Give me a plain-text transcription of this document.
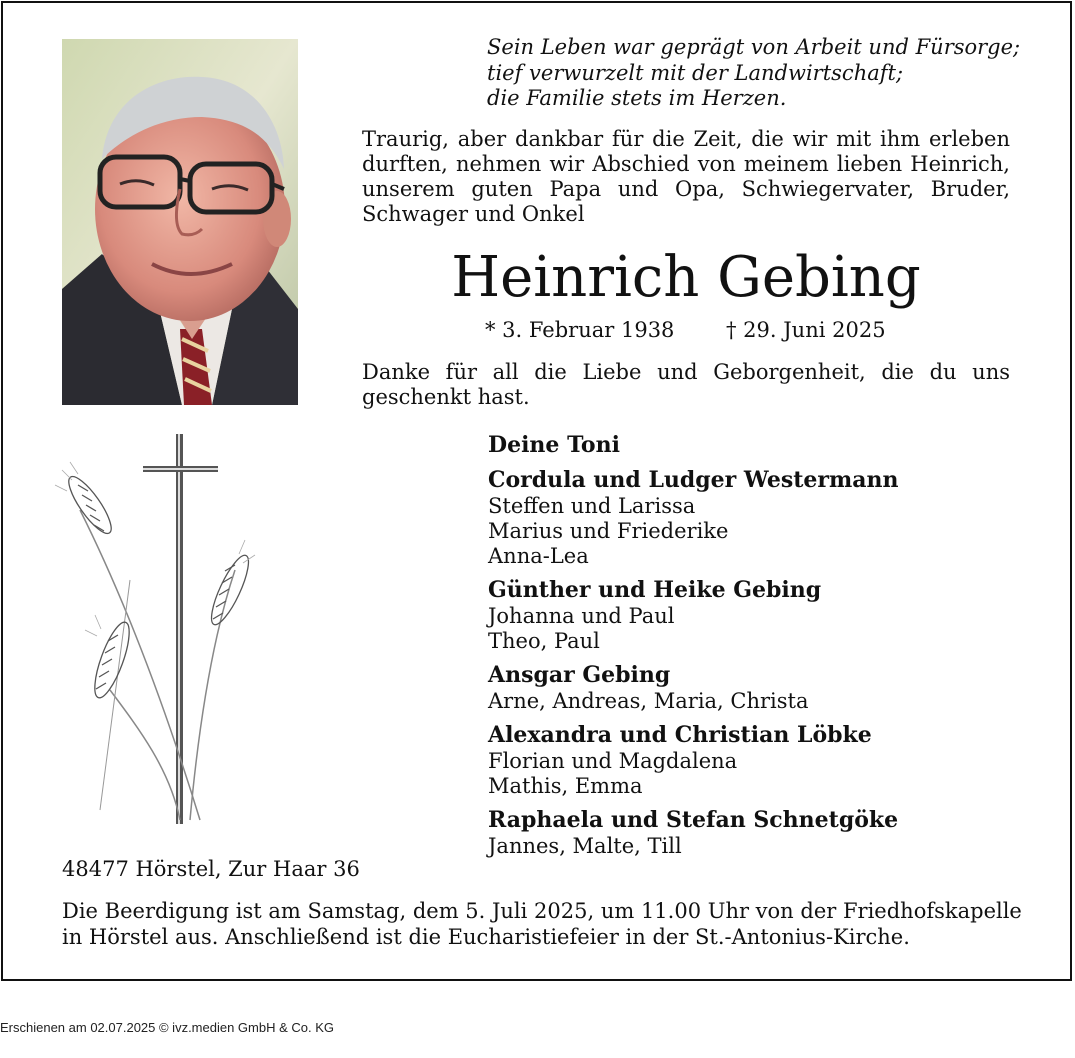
Sein Leben war geprägt von Arbeit und Fürsorge;
tief verwurzelt mit der Landwirtschaft;
die Familie stets im Herzen.
Traurig, aber dankbar für die Zeit, die wir mit ihm erleben durften, nehmen wir Abschied von meinem lieben Heinrich, unserem guten Papa und Opa, Schwiegervater, Bruder, Schwager und Onkel
Heinrich Gebing
* 3. Februar 1938 † 29. Juni 2025
Danke für all die Liebe und Geborgenheit, die du uns geschenkt hast.
Deine Toni
Cordula und Ludger Westermann
Steffen und Larissa
Marius und Friederike
Anna-Lea
Günther und Heike Gebing
Johanna und Paul
Theo, Paul
Ansgar Gebing
Arne, Andreas, Maria, Christa
Alexandra und Christian Löbke
Florian und Magdalena
Mathis, Emma
Raphaela und Stefan Schnetgöke
Jannes, Malte, Till
48477 Hörstel, Zur Haar 36
Die Beerdigung ist am Samstag, dem 5. Juli 2025, um 11.00 Uhr von der Friedhofskapelle
in Hörstel aus. Anschließend ist die Eucharistiefeier in der St.-Antonius-Kirche.
Erschienen am 02.07.2025 © ivz.medien GmbH & Co. KG
